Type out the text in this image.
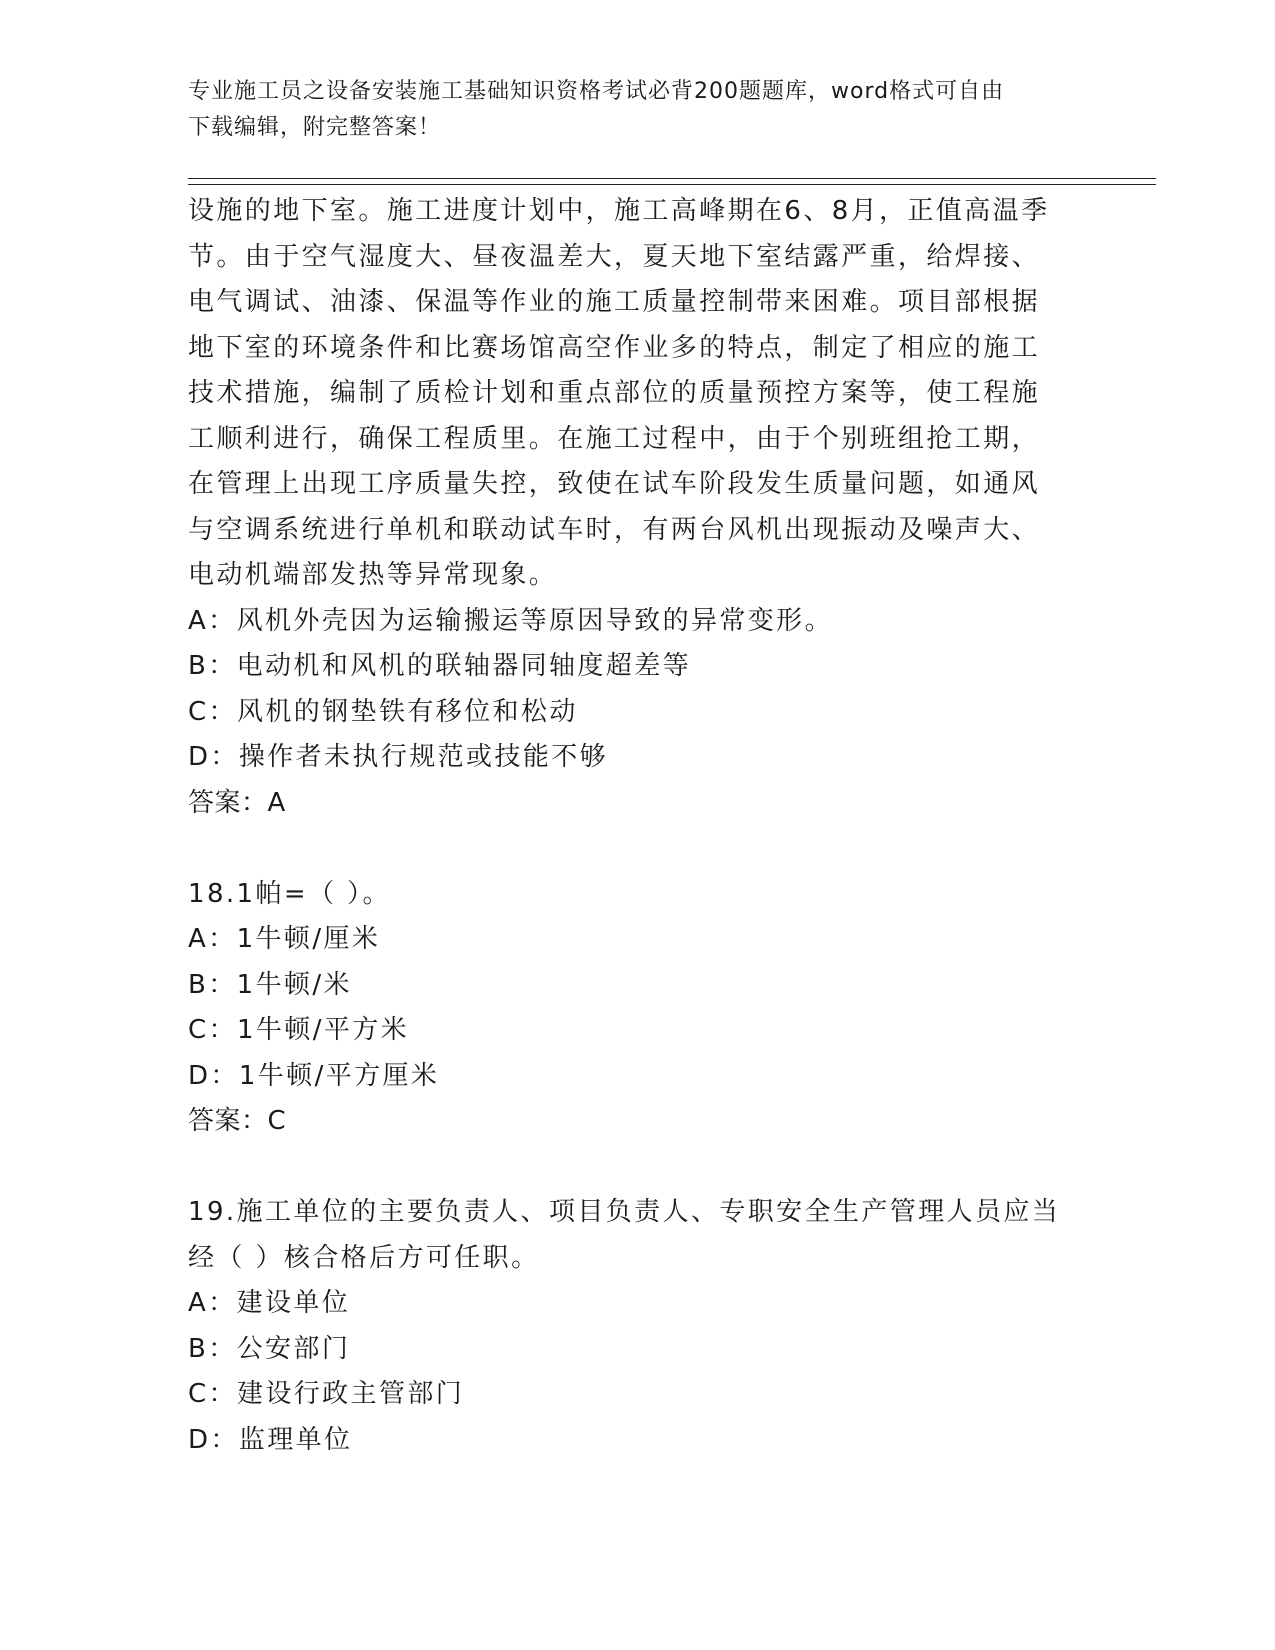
专业施工员之设备安装施工基础知识资格考试必背200题题库，word格式可自由
下载编辑，附完整答案！
设施的地下室。施工进度计划中，施工高峰期在6、8月，正值高温季
节。由于空气湿度大、昼夜温差大，夏天地下室结露严重，给焊接、
电气调试、油漆、保温等作业的施工质量控制带来困难。项目部根据
地下室的环境条件和比赛场馆高空作业多的特点，制定了相应的施工
技术措施，编制了质检计划和重点部位的质量预控方案等，使工程施
工顺利进行，确保工程质里。在施工过程中，由于个别班组抢工期，
在管理上出现工序质量失控，致使在试车阶段发生质量问题，如通风
与空调系统进行单机和联动试车时，有两台风机出现振动及噪声大、
电动机端部发热等异常现象。
A：风机外壳因为运输搬运等原因导致的异常变形。
B：电动机和风机的联轴器同轴度超差等
C：风机的钢垫铁有移位和松动
D：操作者未执行规范或技能不够
答案：A
18.1帕=（ ）。
A：1牛顿/厘米
B：1牛顿/米
C：1牛顿/平方米
D：1牛顿/平方厘米
答案：C
19.施工单位的主要负责人、项目负责人、专职安全生产管理人员应当
经（ ）核合格后方可任职。
A：建设单位
B：公安部门
C：建设行政主管部门
D：监理单位
